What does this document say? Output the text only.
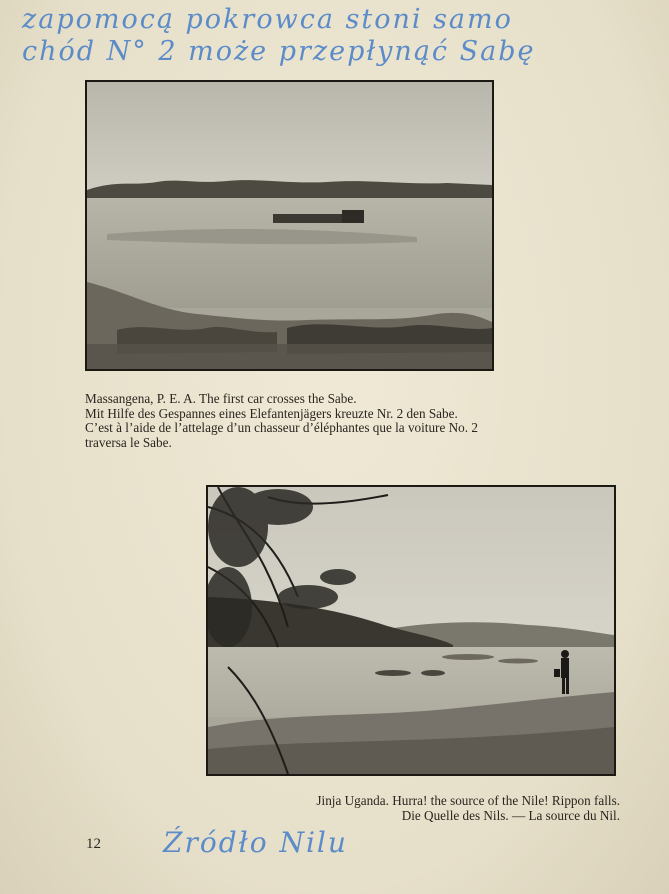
zapomocą pokrowca stoni samo
chód N° 2 może przepłynąć Sabę
Massangena, P. E. A. The first car crosses the Sabe.
Mit Hilfe des Gespannes eines Elefantenjägers kreuzte Nr. 2 den Sabe.
C’est à l’aide de l’attelage d’un chasseur d’éléphantes que la voiture No. 2
traversa le Sabe.
Jinja Uganda. Hurra! the source of the Nile! Rippon falls.
Die Quelle des Nils. — La source du Nil.
12 Źródło Nilu
